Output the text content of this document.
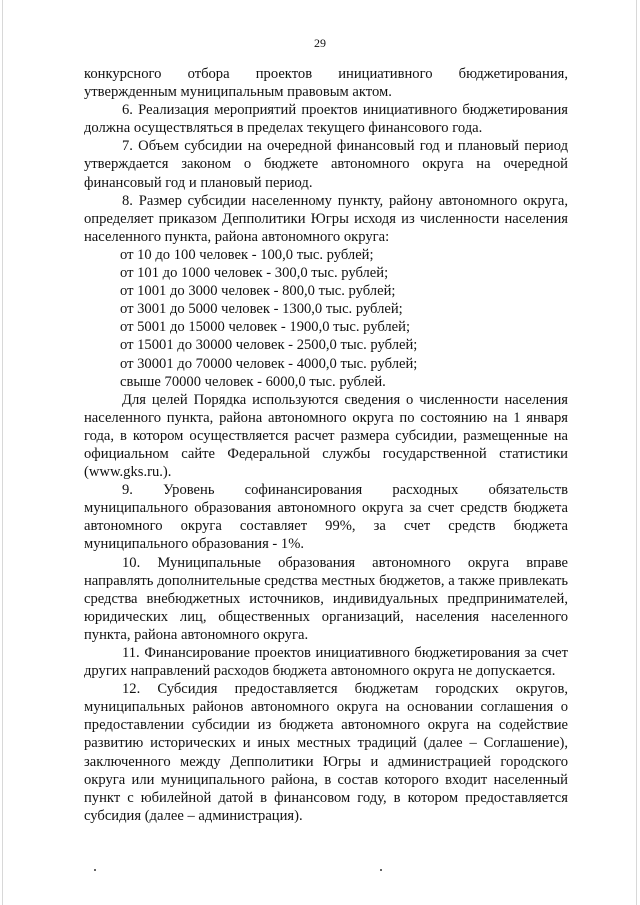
29

конкурсного отбора проектов инициативного бюджетирования, утвержденным муниципальным правовым актом.

6. Реализация мероприятий проектов инициативного бюджетирования должна осуществляться в пределах текущего финансового года.

7. Объем субсидии на очередной финансовый год и плановый период утверждается законом о бюджете автономного округа на очередной финансовый год и плановый период.

8. Размер субсидии населенному пункту, району автономного округа, определяет приказом Депполитики Югры исходя из численности населения населенного пункта, района автономного округа:

от 10 до 100 человек - 100,0 тыс. рублей;
от 101 до 1000 человек - 300,0 тыс. рублей;
от 1001 до 3000 человек - 800,0 тыс. рублей;
от 3001 до 5000 человек - 1300,0 тыс. рублей;
от 5001 до 15000 человек - 1900,0 тыс. рублей;
от 15001 до 30000 человек - 2500,0 тыс. рублей;
от 30001 до 70000 человек - 4000,0 тыс. рублей;
свыше 70000 человек - 6000,0 тыс. рублей.

Для целей Порядка используются сведения о численности населения населенного пункта, района автономного округа по состоянию на 1 января года, в котором осуществляется расчет размера субсидии, размещенные на официальном сайте Федеральной службы государственной статистики (www.gks.ru.).

9. Уровень софинансирования расходных обязательств муниципального образования автономного округа за счет средств бюджета автономного округа составляет 99%, за счет средств бюджета муниципального образования - 1%.

10. Муниципальные образования автономного округа вправе направлять дополнительные средства местных бюджетов, а также привлекать средства внебюджетных источников, индивидуальных предпринимателей, юридических лиц, общественных организаций, населения населенного пункта, района автономного округа.

11. Финансирование проектов инициативного бюджетирования за счет других направлений расходов бюджета автономного округа не допускается.

12. Субсидия предоставляется бюджетам городских округов, муниципальных районов автономного округа на основании соглашения о предоставлении субсидии из бюджета автономного округа на содействие развитию исторических и иных местных традиций (далее – Соглашение), заключенного между Депполитики Югры и администрацией городского округа или муниципального района, в состав которого входит населенный пункт с юбилейной датой в финансовом году, в котором предоставляется субсидия (далее – администрация).
